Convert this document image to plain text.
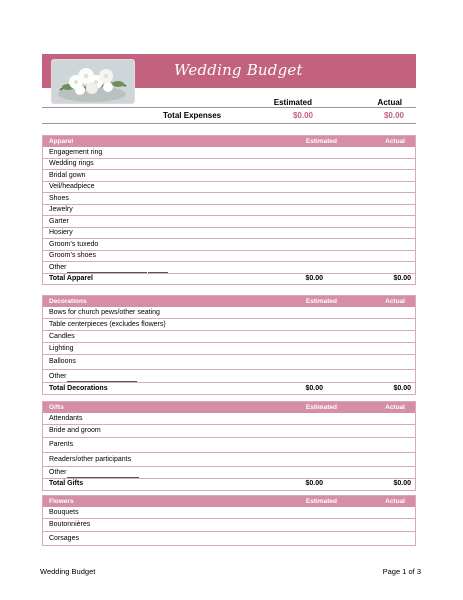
Wedding Budget
Estimated	Actual
Total Expenses	$0.00	$0.00
Apparel	Estimated	Actual
Engagement ring
Wedding rings
Bridal gown
Veil/headpiece
Shoes
Jewelry
Garter
Hosiery
Groom’s tuxedo
Groom’s shoes
Other
Total Apparel	$0.00	$0.00
Decorations	Estimated	Actual
Bows for church pews/other seating
Table centerpieces (excludes flowers)
Candles
Lighting
Balloons
Other
Total Decorations	$0.00	$0.00
Gifts	Estimated	Actual
Attendants
Bride and groom
Parents
Readers/other participants
Other
Total Gifts	$0.00	$0.00
Flowers	Estimated	Actual
Bouquets
Boutonnières
Corsages
Wedding Budget	Page 1 of 3
